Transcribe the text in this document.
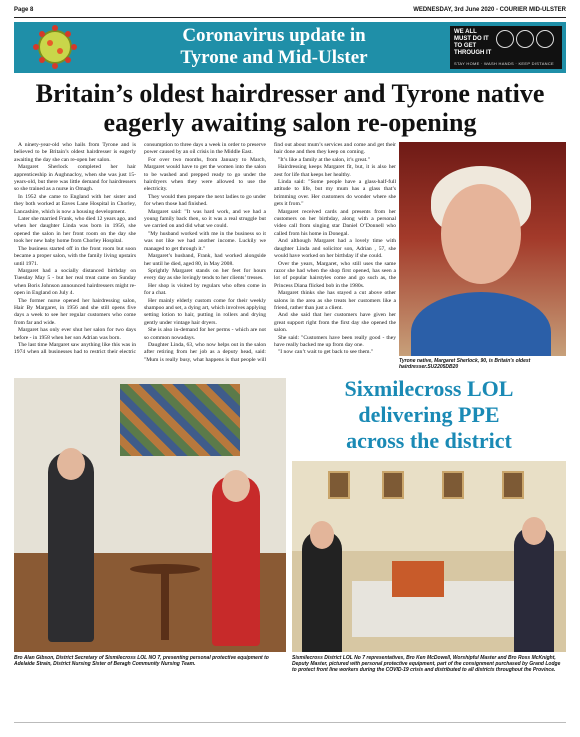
Page 8	WEDNESDAY, 3rd June 2020 - COURIER MID-ULSTER
Coronavirus update in
Tyrone and Mid-Ulster
WE ALL MUST DO IT TO GET THROUGH IT
STAY HOME · WASH HANDS · KEEP DISTANCE
Britain’s oldest hairdresser and Tyrone native eagerly awaiting salon re-opening

A ninety-year-old who hails from Tyrone and is believed to be Britain’s oldest hairdresser is eagerly awaiting the day she can re-open her salon.

Margaret Sherlock completed her hair apprenticeship in Aughnacloy, when she was just 15-years-old, but there was little demand for hairdressers so she trained as a nurse in Omagh.

In 1952 she came to England with her sister and they both worked at Eaves Lane Hospital in Chorley, Lancashire, which is now a housing development.

Later she married Frank, who died 12 years ago, and when her daughter Linda was born in 1956, she opened the salon in her front room on the day she took her new baby home from Chorley Hospital.

The business started off in the front room but soon became a proper salon, with the family living upstairs until 1971.

Margaret had a socially distanced birthday on Tuesday May 5 - but her real treat came on Sunday when Boris Johnson announced hairdressers might re-open in England on July 4.

The former nurse opened her hairdressing salon, Hair By Margaret, in 1956 and she still opens five days a week to see her regular customers who come from far and wide.

Margaret has only ever shut her salon for two days before - in 1958 when her son Adrian was born.

The last time Margaret saw anything like this was in 1974 when all businesses had to restrict their electric consumption to three days a week in order to preserve power caused by an oil crisis in the Middle East.

For over two months, from January to March, Margaret would have to get the women into the salon to be washed and prepped ready to go under the hairdryers when they were allowed to use the electricity.

They would then prepare the next ladies to go under for when those had finished.

Margaret said: "It was hard work, and we had a young family back then, so it was a real struggle but we carried on and did what we could.

"My husband worked with me in the business so it was not like we had another income. Luckily we managed to get through it."

Margaret’s husband, Frank, had worked alongside her until he died, aged 80, in May 2008.

Sprightly Margaret stands on her feet for hours every day as she lovingly tends to her clients’ tresses.

Her shop is visited by regulars who often come in for a chat.

Her mainly elderly custom come for their weekly shampoo and set, a dying art, which involves applying setting lotion to hair, putting in rollers and drying gently under vintage hair dryers.

She is also in-demand for her perms - which are not so common nowadays.

Daughter Linda, 63, who now helps out in the salon after retiring from her job as a deputy head, said: "Mum is really busy, what happens is that people will find out about mum’s services and come and get their hair done and then they keep on coming.

"It’s like a family at the salon, it’s great."

Hairdressing keeps Margaret fit, but, it is also her zest for life that keeps her healthy.

Linda said: "Some people have a glass-half-full attitude to life, but my mum has a glass that’s brimming over. Her customers do wonder where she gets it from."

Margaret received cards and presents from her customers on her birthday, along with a personal video call from singing star Daniel O’Donnell who called from his home in Donegal.

And although Margaret had a lovely time with daughter Linda and solicitor son, Adrian , 57, she would have worked on her birthday if she could.

Over the years, Margaret, who still uses the same razor she had when the shop first opened, has seen a lot of popular hairstyles come and go such as, the Princess Diana flicked bob in the 1980s.

Margaret thinks she has stayed a cut above other salons in the area as she treats her customers like a friend, rather than just a client.

And she said that her customers have given her great support right from the first day she opened the salon.

She said: "Customers have been really good - they have really backed me up from day one.

"I now can’t wait to get back to see them."

Tyrone native, Margaret Sherlock, 90, is Britain's oldest hairdresser.SU2205DB20
Bro Alan Gibson, District Secretary of Sixmilecross LOL NO 7, presenting personal protective equipment to Adelaide Strain, District Nursing Sister of Beragh Community Nursing Team.
Sixmilecross LOL
delivering PPE
across the district
Sixmilecross District LOL No 7 representatives, Bro Ken McDowell, Worshipful Master and Bro Ross McKnight, Deputy Master, pictured with personal protective equipment, part of the consignment purchased by Grand Lodge to protect front line workers during the COVID-19 crisis and distributed to all districts throughout the Province.
